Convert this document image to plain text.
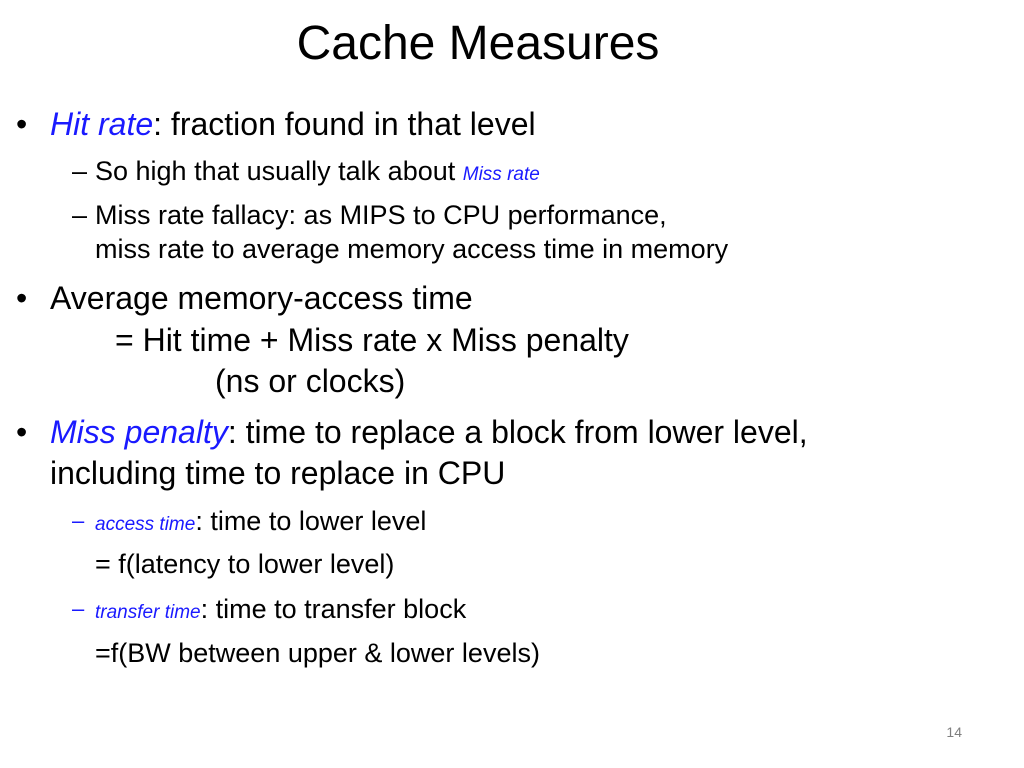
Cache Measures
• Hit rate: fraction found in that level

– So high that usually talk about Miss rate

– Miss rate fallacy: as MIPS to CPU performance,

miss rate to average memory access time in memory

• Average memory-access time

= Hit time + Miss rate x Miss penalty

(ns or clocks)

• Miss penalty: time to replace a block from lower level,

including time to replace in CPU

– access time: time to lower level

= f(latency to lower level)

– transfer time: time to transfer block

=f(BW between upper & lower levels)

14
